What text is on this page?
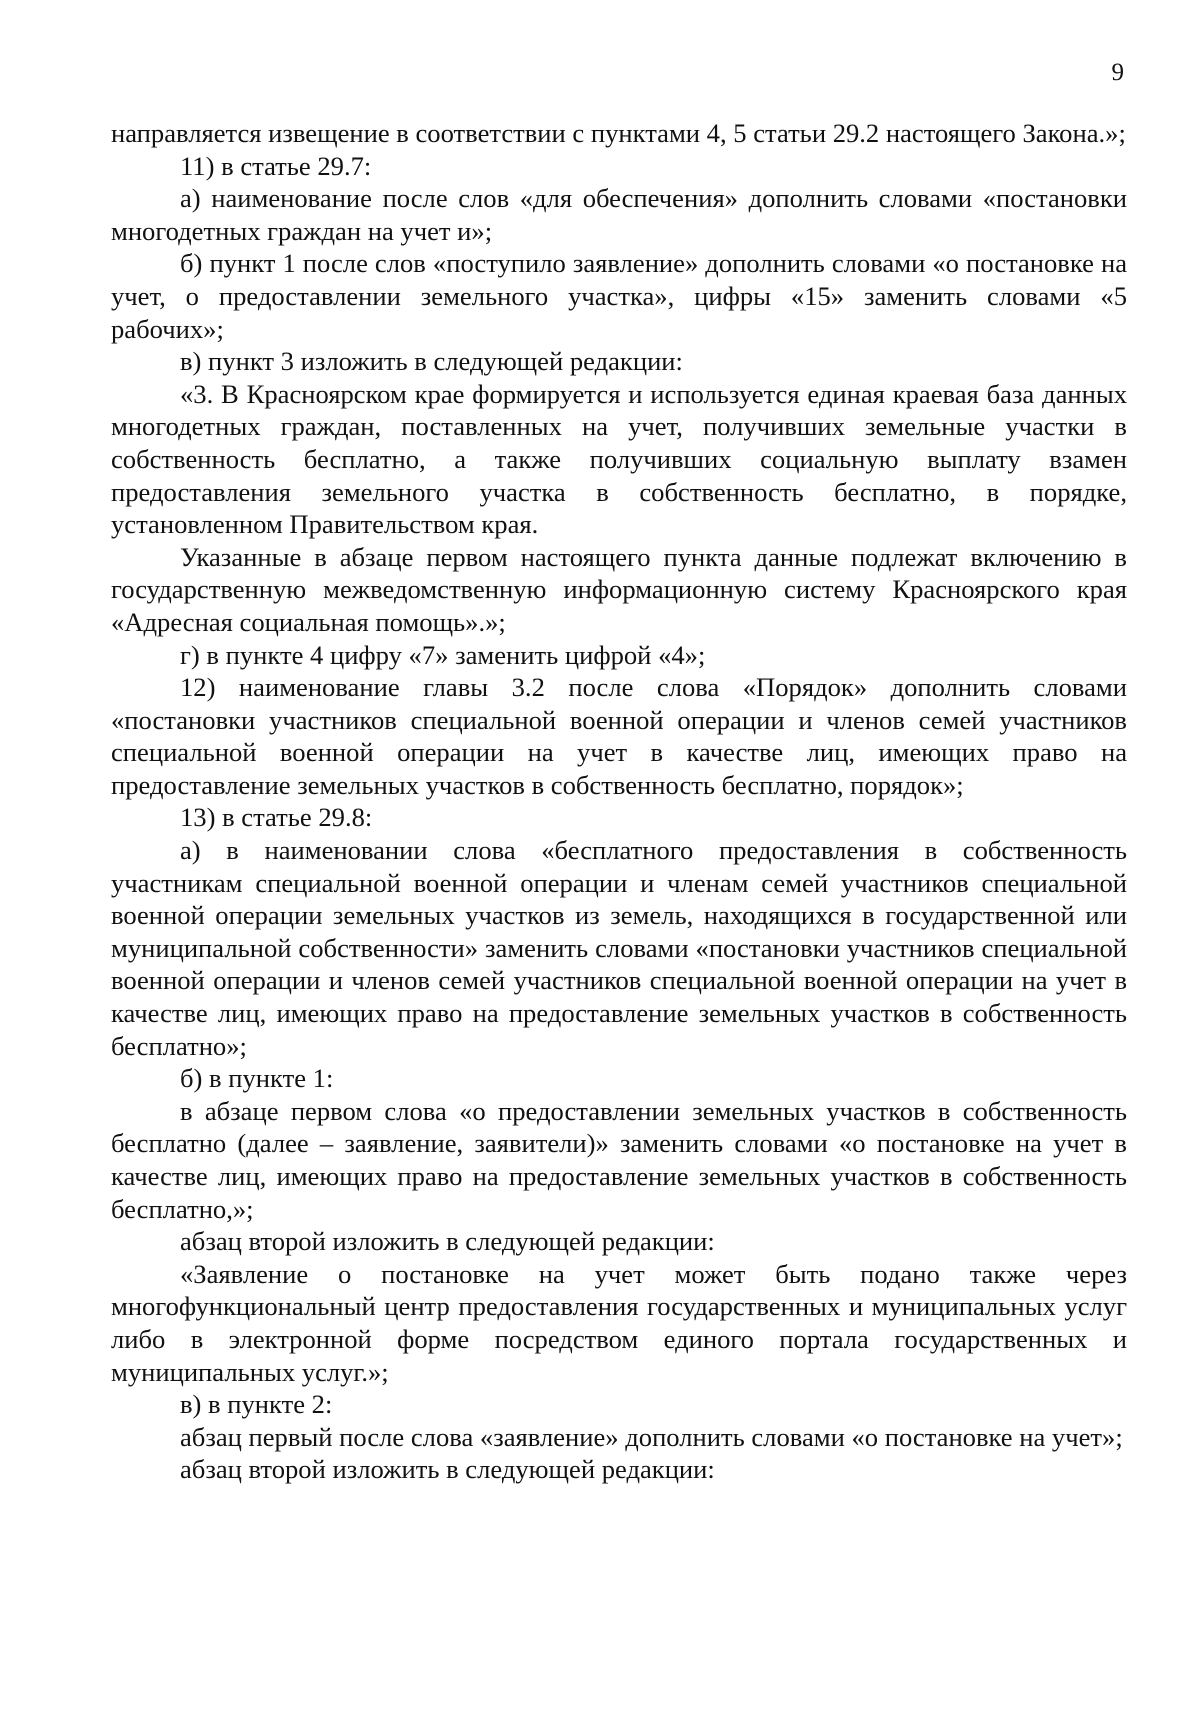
9

направляется извещение в соответствии с пунктами 4, 5 статьи 29.2 настоящего Закона.»;

11) в статье 29.7:

а) наименование после слов «для обеспечения» дополнить словами «постановки многодетных граждан на учет и»;

б) пункт 1 после слов «поступило заявление» дополнить словами «о постановке на учет, о предоставлении земельного участка», цифры «15» заменить словами «5 рабочих»;

в) пункт 3 изложить в следующей редакции:

«3. В Красноярском крае формируется и используется единая краевая база данных многодетных граждан, поставленных на учет, получивших земельные участки в собственность бесплатно, а также получивших социальную выплату взамен предоставления земельного участка в собственность бесплатно, в порядке, установленном Правительством края.

Указанные в абзаце первом настоящего пункта данные подлежат включению в государственную межведомственную информационную систему Красноярского края «Адресная социальная помощь».»;

г) в пункте 4 цифру «7» заменить цифрой «4»;

12) наименование главы 3.2 после слова «Порядок» дополнить словами «постановки участников специальной военной операции и членов семей участников специальной военной операции на учет в качестве лиц, имеющих право на предоставление земельных участков в собственность бесплатно, порядок»;

13) в статье 29.8:

а) в наименовании слова «бесплатного предоставления в собственность участникам специальной военной операции и членам семей участников специальной военной операции земельных участков из земель, находящихся в государственной или муниципальной собственности» заменить словами «постановки участников специальной военной операции и членов семей участников специальной военной операции на учет в качестве лиц, имеющих право на предоставление земельных участков в собственность бесплатно»;

б) в пункте 1:

в абзаце первом слова «о предоставлении земельных участков в собственность бесплатно (далее – заявление, заявители)» заменить словами «о постановке на учет в качестве лиц, имеющих право на предоставление земельных участков в собственность бесплатно,»;

абзац второй изложить в следующей редакции:

«Заявление о постановке на учет может быть подано также через многофункциональный центр предоставления государственных и муниципальных услуг либо в электронной форме посредством единого портала государственных и муниципальных услуг.»;

в) в пункте 2:

абзац первый после слова «заявление» дополнить словами «о постановке на учет»;

абзац второй изложить в следующей редакции:
